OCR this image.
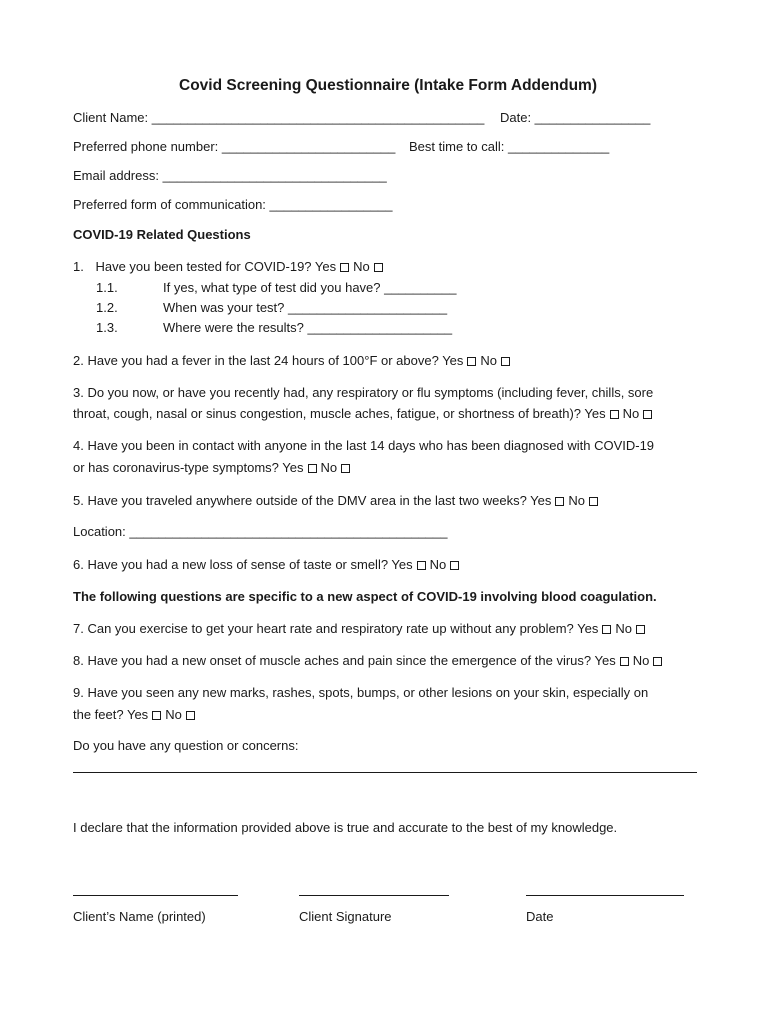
Covid Screening Questionnaire (Intake Form Addendum)
Client Name: ______________________________________________ Date: ________________
Preferred phone number: ________________________ Best time to call: ______________
Email address: _______________________________
Preferred form of communication: _________________
COVID-19 Related Questions
1. Have you been tested for COVID-19? Yes No
1.1.	If yes, what type of test did you have? __________
1.2.	When was your test? ______________________
1.3.	Where were the results? ____________________
2. Have you had a fever in the last 24 hours of 100°F or above? Yes No
3. Do you now, or have you recently had, any respiratory or flu symptoms (including fever, chills, sore
throat, cough, nasal or sinus congestion, muscle aches, fatigue, or shortness of breath)? Yes No
4. Have you been in contact with anyone in the last 14 days who has been diagnosed with COVID-19
or has coronavirus-type symptoms? Yes No
5. Have you traveled anywhere outside of the DMV area in the last two weeks? Yes No
Location: ____________________________________________
6. Have you had a new loss of sense of taste or smell? Yes No
The following questions are specific to a new aspect of COVID-19 involving blood coagulation.
7. Can you exercise to get your heart rate and respiratory rate up without any problem? Yes No
8. Have you had a new onset of muscle aches and pain since the emergence of the virus? Yes No
9. Have you seen any new marks, rashes, spots, bumps, or other lesions on your skin, especially on
the feet? Yes No
Do you have any question or concerns:
I declare that the information provided above is true and accurate to the best of my knowledge.
Client’s Name (printed)	Client Signature	Date
